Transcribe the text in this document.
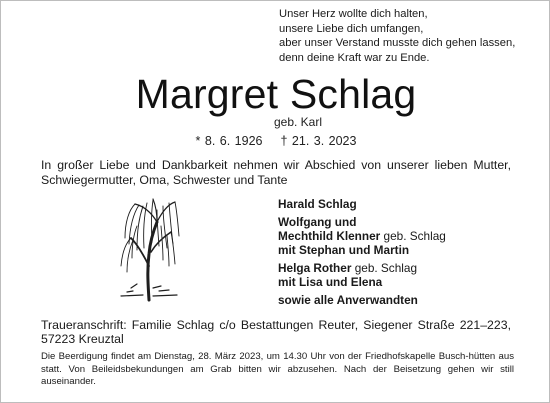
Unser Herz wollte dich halten,
unsere Liebe dich umfangen,
aber unser Verstand musste dich gehen lassen,
denn deine Kraft war zu Ende.
Margret Schlag
geb. Karl
* 8. 6. 1926 † 21. 3. 2023
In großer Liebe und Dankbarkeit nehmen wir Abschied von unserer lieben Mutter, Schwiegermutter, Oma, Schwester und Tante
Harald Schlag
Wolfgang und
Mechthild Klenner geb. Schlag
mit Stephan und Martin
Helga Rother geb. Schlag
mit Lisa und Elena
sowie alle Anverwandten
Traueranschrift: Familie Schlag c/o Bestattungen Reuter, Siegener Straße 221–223, 57223 Kreuztal
Die Beerdigung findet am Dienstag, 28. März 2023, um 14.30 Uhr von der Friedhofskapelle Busch-hütten aus statt. Von Beileidsbekundungen am Grab bitten wir abzusehen. Nach der Beisetzung gehen wir still auseinander.
